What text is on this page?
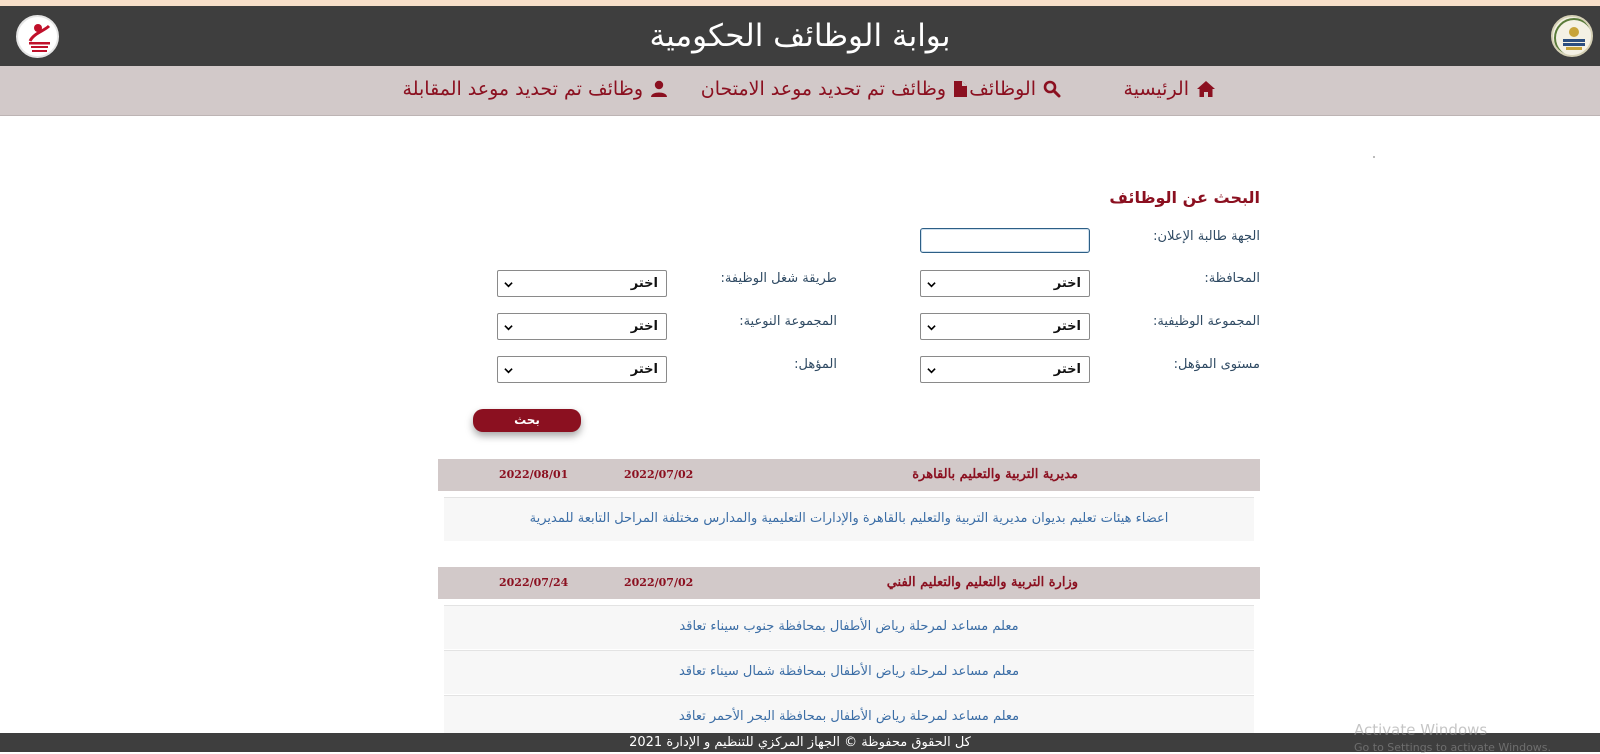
بوابة الوظائف الحكومية
الرئيسية
الوظائف
وظائف تم تحديد موعد الامتحان
وظائف تم تحديد موعد المقابلة
البحث عن الوظائف
الجهة طالبة الإعلان:
المحافظة:
اختر
طريقة شغل الوظيفة:
اختر
المجموعة الوظيفية:
اختر
المجموعة النوعية:
اختر
مستوى المؤهل:
اختر
المؤهل:
اختر
بحث
مديرية التربية والتعليم بالقاهرة
2022/07/02
2022/08/01
اعضاء هيئات تعليم بديوان مديرية التربية والتعليم بالقاهرة والإدارات التعليمية والمدارس مختلفة المراحل التابعة للمديرية
وزارة التربية والتعليم والتعليم الفني
2022/07/02
2022/07/24
معلم مساعد لمرحلة رياض الأطفال بمحافظة جنوب سيناء تعاقد
معلم مساعد لمرحلة رياض الأطفال بمحافظة شمال سيناء تعاقد
معلم مساعد لمرحلة رياض الأطفال بمحافظة البحر الأحمر تعاقد
كل الحقوق محفوظة © الجهاز المركزي للتنظيم و الإدارة 2021
Activate Windows
Go to Settings to activate Windows.
